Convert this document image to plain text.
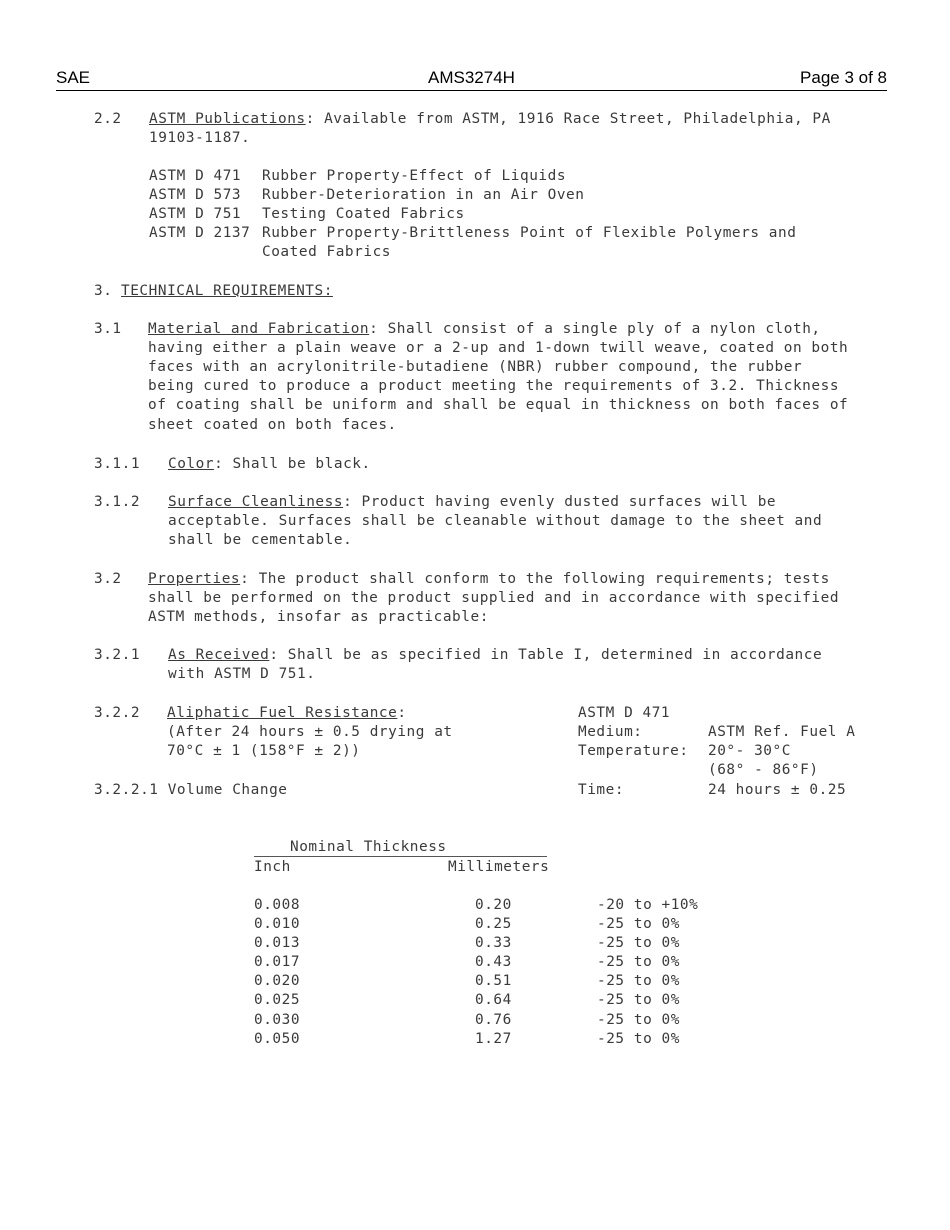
SAE	AMS3274H	Page 3 of 8
2.2 ASTM Publications: Available from ASTM, 1916 Race Street, Philadelphia, PA
19103-1187.
ASTM D 471 Rubber Property-Effect of Liquids
ASTM D 573 Rubber-Deterioration in an Air Oven
ASTM D 751 Testing Coated Fabrics
ASTM D 2137 Rubber Property-Brittleness Point of Flexible Polymers and
Coated Fabrics
3. TECHNICAL REQUIREMENTS:
3.1 Material and Fabrication: Shall consist of a single ply of a nylon cloth,
having either a plain weave or a 2-up and 1-down twill weave, coated on both
faces with an acrylonitrile-butadiene (NBR) rubber compound, the rubber
being cured to produce a product meeting the requirements of 3.2. Thickness
of coating shall be uniform and shall be equal in thickness on both faces of
sheet coated on both faces.
3.1.1 Color: Shall be black.
3.1.2 Surface Cleanliness: Product having evenly dusted surfaces will be
acceptable. Surfaces shall be cleanable without damage to the sheet and
shall be cementable.
3.2 Properties: The product shall conform to the following requirements; tests
shall be performed on the product supplied and in accordance with specified
ASTM methods, insofar as practicable:
3.2.1 As Received: Shall be as specified in Table I, determined in accordance
with ASTM D 751.
3.2.2 Aliphatic Fuel Resistance:
(After 24 hours ± 0.5 drying at
70°C ± 1 (158°F ± 2))
ASTM D 471
Medium:	ASTM Ref. Fuel A
Temperature: 20°- 30°C
(68° - 86°F)
3.2.2.1 Volume Change	Time:	24 hours ± 0.25
Nominal Thickness
Inch	Millimeters
0.008	0.20	-20 to +10%
0.010	0.25	-25 to 0%
0.013	0.33	-25 to 0%
0.017	0.43	-25 to 0%
0.020	0.51	-25 to 0%
0.025	0.64	-25 to 0%
0.030	0.76	-25 to 0%
0.050	1.27	-25 to 0%
